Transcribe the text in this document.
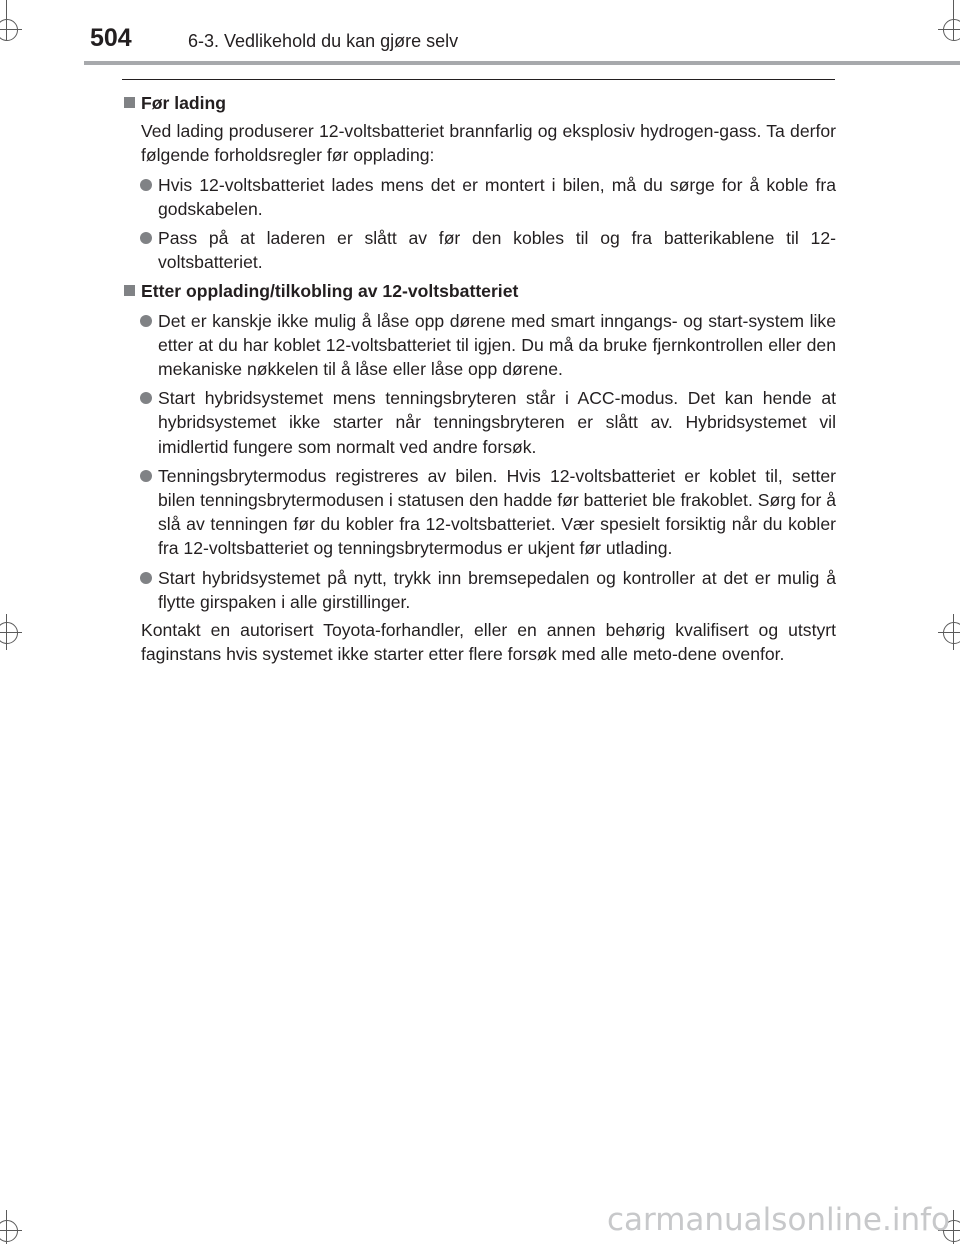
504	6-3. Vedlikehold du kan gjøre selv
Før lading
Ved lading produserer 12-voltsbatteriet brannfarlig og eksplosiv hydrogen-gass. Ta derfor følgende forholdsregler før opplading:
Hvis 12-voltsbatteriet lades mens det er montert i bilen, må du sørge for å koble fra godskabelen.
Pass på at laderen er slått av før den kobles til og fra batterikablene til 12-voltsbatteriet.
Etter opplading/tilkobling av 12-voltsbatteriet
Det er kanskje ikke mulig å låse opp dørene med smart inngangs- og start-system like etter at du har koblet 12-voltsbatteriet til igjen. Du må da bruke fjernkontrollen eller den mekaniske nøkkelen til å låse eller låse opp dørene.
Start hybridsystemet mens tenningsbryteren står i ACC-modus. Det kan hende at hybridsystemet ikke starter når tenningsbryteren er slått av. Hybridsystemet vil imidlertid fungere som normalt ved andre forsøk.
Tenningsbrytermodus registreres av bilen. Hvis 12-voltsbatteriet er koblet til, setter bilen tenningsbrytermodusen i statusen den hadde før batteriet ble frakoblet. Sørg for å slå av tenningen før du kobler fra 12-voltsbatteriet. Vær spesielt forsiktig når du kobler fra 12-voltsbatteriet og tenningsbrytermodus er ukjent før utlading.
Start hybridsystemet på nytt, trykk inn bremsepedalen og kontroller at det er mulig å flytte girspaken i alle girstillinger.
Kontakt en autorisert Toyota-forhandler, eller en annen behørig kvalifisert og utstyrt faginstans hvis systemet ikke starter etter flere forsøk med alle meto-dene ovenfor.
carmanualsonline.info
